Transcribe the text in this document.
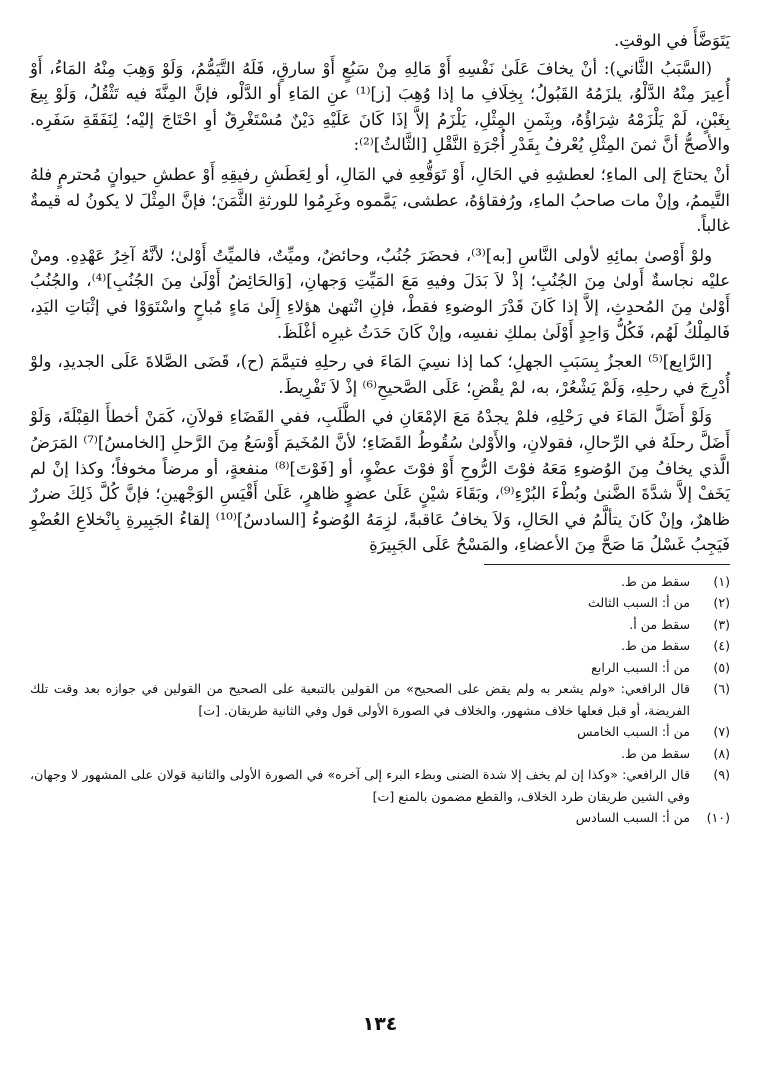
يَتَوَضَّأَ في الوقتِ.

(السَّبَبُ الثَّاني): أنْ يخافَ عَلَىٰ نَفْسِهِ أَوْ مَالِهِ مِنْ سَبُعٍ أَوْ سارقٍ، فَلَهُ التَّيَمُّمُ، وَلَوْ وَهِبَ مِنْهُ المَاءُ، أَوْ أُعِيرَ مِنْهُ الدَّلْوُ، يلزَمُهُ القَبُولُ؛ بِخِلَافِ ما إذا وُهِبَ [ز]⁽¹⁾ عنِ المَاءِ أو الدَّلْو، فإنَّ المِنَّةَ فيه تَثْقُلُ، وَلَوْ بِيعَ بِغَبْنٍ، لَمْ يَلْزَمْهُ شِرَاؤُهُ، وبِثَمنِ المِثْلِ، يَلْزَمُ إلاَّ إذَا كَانَ عَلَيْهِ دَيْنٌ مُسْتَغْرِقٌ أوِ احْتَاجَ إليْه؛ لِنَفَقَةِ سَفَرِه. والأصحُّ أنَّ ثمنَ المِثْلِ يُعْرفُ بِقَدْرِ أُجْرَةِ النَّقْلِ [الثَّالثُ]⁽²⁾:

أنْ يحتاجَ إلى الماءِ؛ لعطشِهِ في الحَالِ، أَوْ تَوَقُّعِهِ في المَالِ، أو لِعَطَشِ رفيقِهِ أَوْ عطشِ حيوانٍ مُحترمٍ فلهُ التَّيممُ، وإنْ مات صاحبُ الماءِ، ورُفقاؤهُ، عطشى، يَمَّموه وغَرِمُوا للورثةِ الثَّمَنَ؛ فإنَّ المِثْلَ لا يكونُ له قيمةٌ غالباً.

ولوْ أَوْصىٰ بمائِهِ لأولى النَّاسِ [به]⁽³⁾، فحضَرَ جُنُبٌ، وحائضٌ، وميِّتٌ، فالميِّتُ أَوْلىٰ؛ لأنَّهُ آخِرُ عَهْدِهِ. ومنْ عليْه نجاسةٌ أَولىٰ مِنَ الجُنُبِ؛ إذْ لاَ بَدَلَ وفيهِ مَعَ المَيِّتِ وَجهانِ، [وَالحَائِضُ أَوْلَىٰ مِنَ الجُنُبِ]⁽⁴⁾، والجُنُبُ أَوْلىٰ مِنَ المُحدِثِ، إلاَّ إذا كَانَ قَدْرَ الوضوءِ فقطْ، فإنِ انْتهىٰ هؤلاءِ إِلَىٰ مَاءٍ مُباحٍ واسْتَوَوْا في إثْبَاتِ اليَدِ، فَالمِلْكُ لَهُم، فَكُلُّ وَاحِدٍ أَوْلَىٰ بملكِ نفسِه، وإنْ كَانَ حَدَثُ غيرِه أغْلَظَ.

[الرَّابِع]⁽⁵⁾ العجزُ بِسَبَبِ الجهلِ؛ كما إذا نسِيَ المَاءَ في رحلِهِ فتيمَّمَ (ح)، قَضَى الصَّلاةَ عَلَى الجديدِ، ولوْ أُدْرِجَ في رحلِهِ، وَلَمْ يَشْعُرْ، به، لمْ يقْضِ؛ عَلَى الصَّحيحِ⁽⁶⁾ إذْ لاَ تَفْرِيطَ.

وَلَوْ أَضَلَّ المَاءَ في رَحْلِهِ، فلمْ يجدْهُ مَعَ الإمْعَانِ في الطَّلَبِ، ففي القَضَاءِ قولاَنِ، كَمَنْ أخطأَ القِبْلَةَ، وَلَوْ أَضَلَّ رحلَهُ في الرِّحالِ، فقولانِ، والأَوْلىٰ سُقُوطُ القَضَاءِ؛ لأنَّ المُخَيمَ أَوْسَعُ مِنَ الرَّحلِ [الخامسُ]⁽⁷⁾ المَرَضُ الَّذي يخافُ مِنَ الوُضوءِ مَعَهُ فوْتَ الرُّوحِ أَوْ فوْتَ عضْوٍ، أو [فَوْتَ]⁽⁸⁾ منفعةٍ، أو مرضاً مخوفاً؛ وكذا إنْ لم يَخَفْ إلاَّ شدَّةَ الضَّنىٰ وبُطْءَ البُرْءِ⁽⁹⁾، وبَقَاءَ شيْنٍ عَلَىٰ عضوٍ ظاهرٍ، عَلَىٰ أَقْيَسِ الوَجْهينِ؛ فإنَّ كُلَّ ذَلِكَ ضررٌ ظاهرٌ، وإنْ كَانَ يتألَّمُ في الحَالِ، وَلاَ يخافُ عَاقبةً، لزِمَهُ الوُضوءُ [السادسُ]⁽¹⁰⁾ إلقاءُ الجَبِيرةِ بِانْخلاعِ العُضْوِ فَيَجِبُ غَسْلُ مَا صَحَّ مِنَ الأعضاءِ، والمَسْحُ عَلَى الجَبِيرَةِ

(١)
سقط من ط.
(٢)
من أ: السبب الثالث
(٣)
سقط من أ.
(٤)
سقط من ط.
(٥)
من أ: السبب الرابع
(٦)
قال الرافعي: «ولم يشعر به ولم يقض على الصحيح» من القولين بالتبعية على الصحيح من القولين في جوازه بعد وقت تلك الفريضة، أو قبل فعلها خلاف مشهور، والخلاف في الصورة الأولى قول وفي الثانية طريقان. [ت]
(٧)
من أ: السبب الخامس
(٨)
سقط من ط.
(٩)
قال الرافعي: «وكذا إن لم يخف إلا شدة الضنى وبطء البرء إلى آخره» في الصورة الأولى والثانية قولان على المشهور لا وجهان، وفي الشين طريقان طرد الخلاف، والقطع مضمون بالمنع [ت]
(١٠)
من أ: السبب السادس
١٣٤
